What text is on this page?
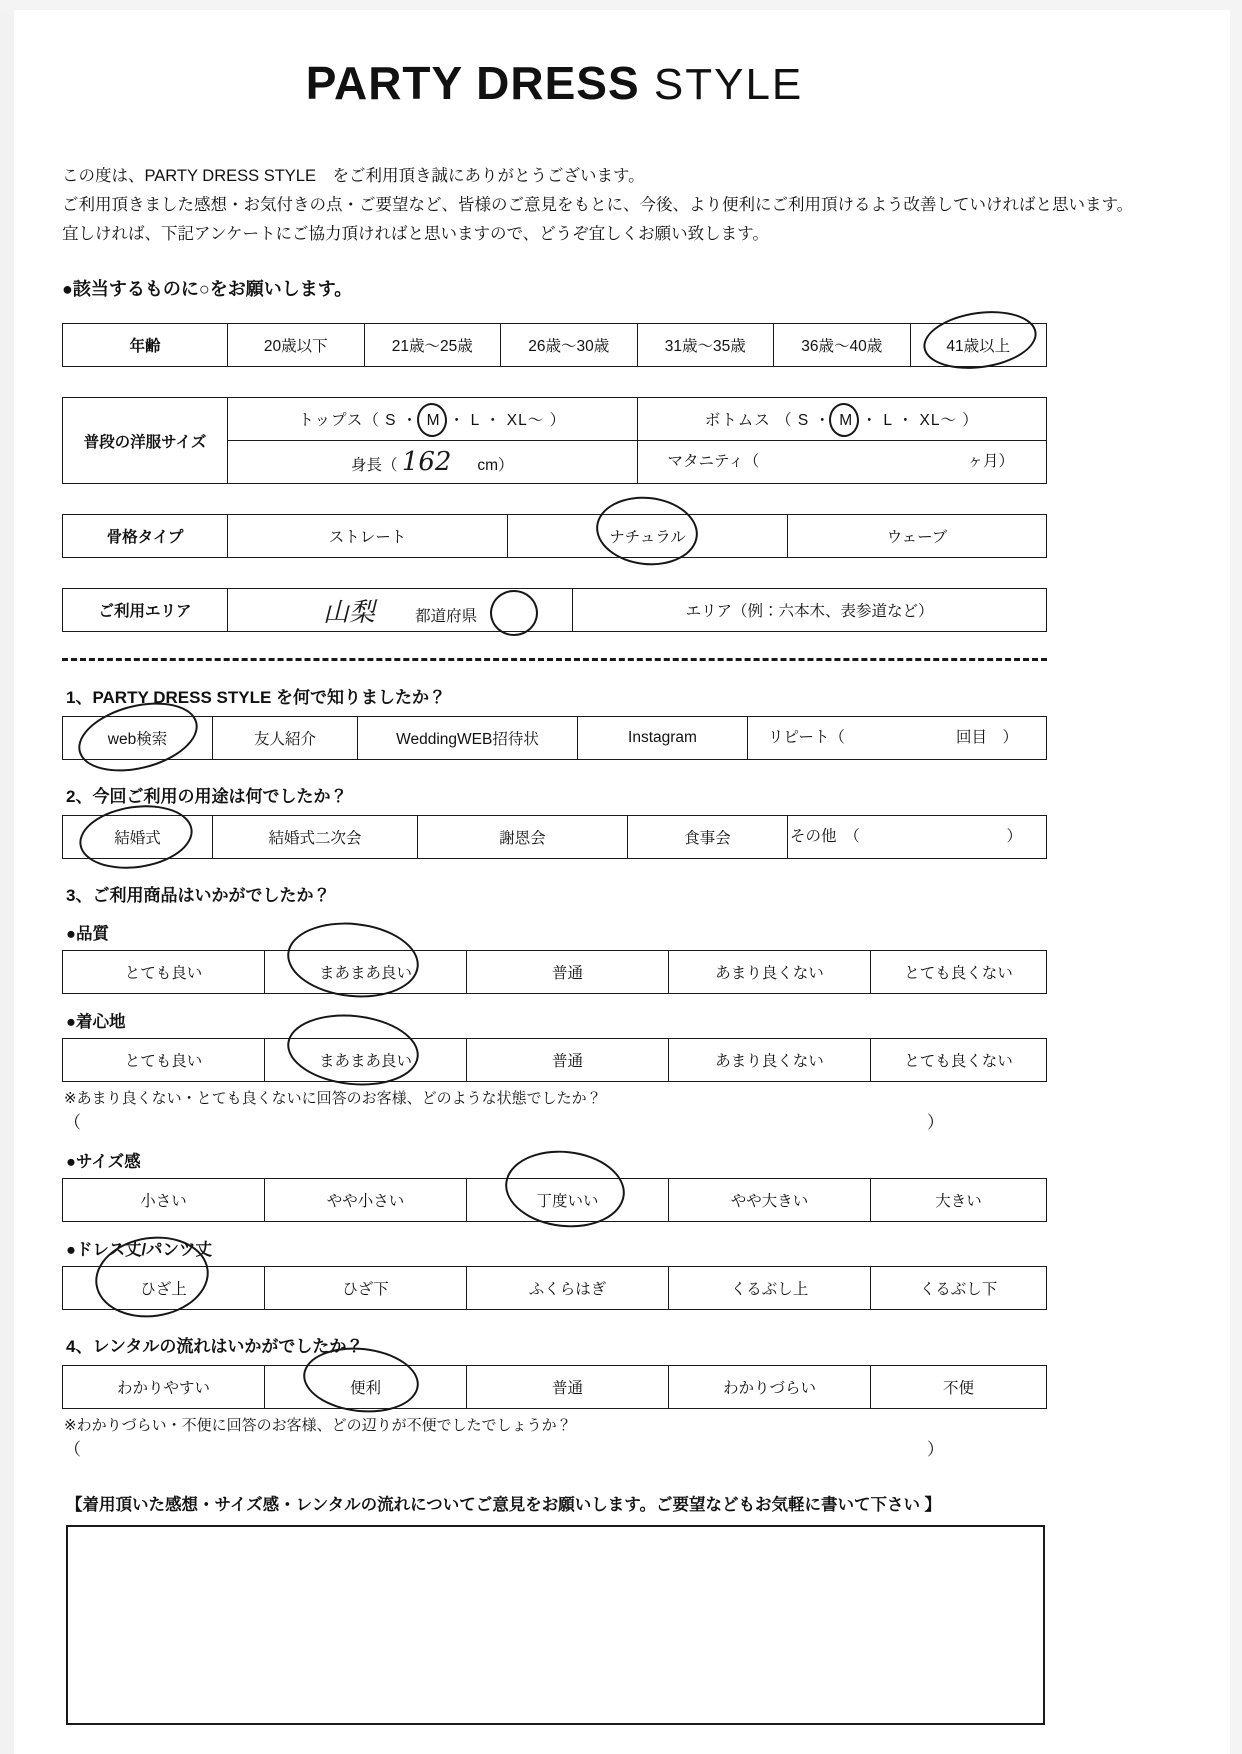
PARTY DRESS STYLE
この度は、PARTY DRESS STYLE　をご利用頂き誠にありがとうございます。
ご利用頂きました感想・お気付きの点・ご要望など、皆様のご意見をもとに、今後、より便利にご利用頂けるよう改善していければと思います。
宜しければ、下記アンケートにご協力頂ければと思いますので、どうぞ宜しくお願い致します。
●該当するものに○をお願いします。
年齢	20歳以下	21歳～25歳	26歳～30歳	31歳～35歳	36歳～40歳	41歳以上
普段の洋服サイズ	トップス（ S ・ M ・ L ・ XL～ ）	ボトムス （ S ・ M ・ L ・ XL～ ）
	身長（ 162 cm）	マタニティ（ ヶ月）
骨格タイプ	ストレート	ナチュラル	ウェーブ
ご利用エリア	山梨	都道府県	エリア（例：六本木、表参道など）
1、PARTY DRESS STYLE を何で知りましたか？
web検索	友人紹介	WeddingWEB招待状	Instagram	リピート（	回目　）
2、今回ご利用の用途は何でしたか？
結婚式	結婚式二次会	謝恩会	食事会	その他　（	）
3、ご利用商品はいかがでしたか？
●品質
とても良い	まあまあ良い	普通	あまり良くない	とても良くない
●着心地
とても良い	まあまあ良い	普通	あまり良くない	とても良くない
※あまり良くない・とても良くないに回答のお客様、どのような状態でしたか？
（	）
●サイズ感
小さい	やや小さい	丁度いい	やや大きい	大きい
●ドレス丈/パンツ丈
ひざ上	ひざ下	ふくらはぎ	くるぶし上	くるぶし下
4、レンタルの流れはいかがでしたか？
わかりやすい	便利	普通	わかりづらい	不便
※わかりづらい・不便に回答のお客様、どの辺りが不便でしたでしょうか？
（	）
【着用頂いた感想・サイズ感・レンタルの流れについてご意見をお願いします。ご要望などもお気軽に書いて下さい 】
